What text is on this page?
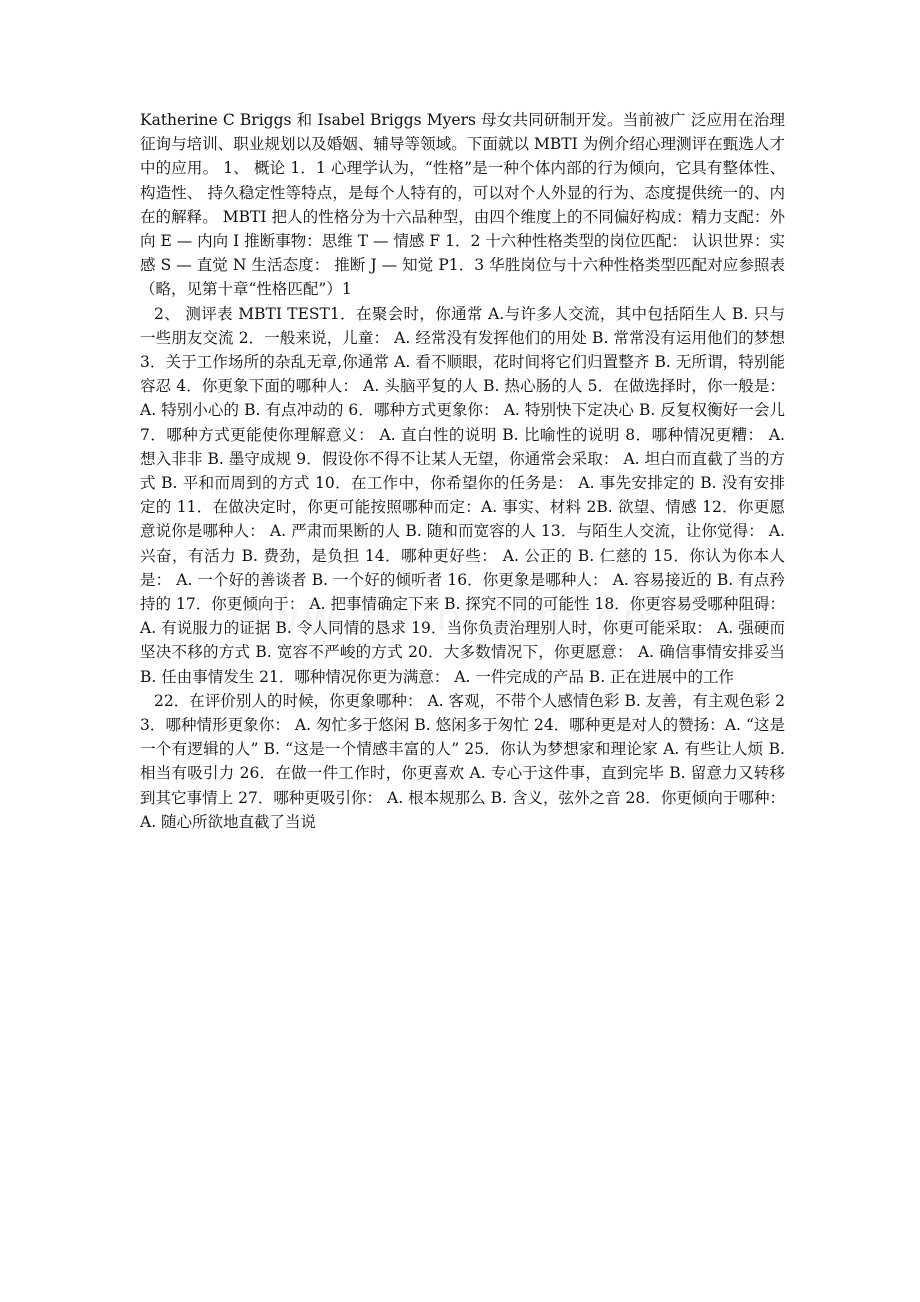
Katherine C Briggs 和 Isabel Briggs Myers 母女共同研制开发。当前被广 泛应用在治理征询与培训、职业规划以及婚姻、辅导等领域。下面就以 MBTI 为例介绍心理测评在甄选人才中的应用。 1、 概论 1．1 心理学认为，“性格”是一种个体内部的行为倾向，它具有整体性、构造性、 持久稳定性等特点，是每个人特有的，可以对个人外显的行为、态度提供统一的、内 在的解释。 MBTI 把人的性格分为十六品种型，由四个维度上的不同偏好构成：精力支配：外向 E — 内向 I 推断事物：思维 T — 情感 F 1．2 十六种性格类型的岗位匹配： 认识世界：实感 S — 直觉 N 生活态度： 推断 J — 知觉 P1．3 华胜岗位与十六种性格类型匹配对应参照表（略，见第十章“性格匹配”）1

2、 测评表 MBTI TEST1．在聚会时，你通常 A.与许多人交流，其中包括陌生人 B. 只与一些朋友交流 2．一般来说，儿童： A. 经常没有发挥他们的用处 B. 常常没有运用他们的梦想 3．关于工作场所的杂乱无章,你通常 A. 看不顺眼，花时间将它们归置整齐 B. 无所谓，特别能容忍 4．你更象下面的哪种人： A. 头脑平复的人 B. 热心肠的人 5．在做选择时，你一般是： A. 特别小心的 B. 有点冲动的 6．哪种方式更象你： A. 特别快下定决心 B. 反复权衡好一会儿 7．哪种方式更能使你理解意义： A. 直白性的说明 B. 比喻性的说明 8．哪种情况更糟： A. 想入非非 B. 墨守成规 9．假设你不得不让某人无望，你通常会采取： A. 坦白而直截了当的方式 B. 平和而周到的方式 10．在工作中，你希望你的任务是： A. 事先安排定的 B. 没有安排定的 11．在做决定时，你更可能按照哪种而定：A. 事实、材料 2B. 欲望、情感 12．你更愿意说你是哪种人： A. 严肃而果断的人 B. 随和而宽容的人 13．与陌生人交流，让你觉得： A. 兴奋，有活力 B. 费劲，是负担 14．哪种更好些： A. 公正的 B. 仁慈的 15．你认为你本人是： A. 一个好的善谈者 B. 一个好的倾听者 16．你更象是哪种人： A. 容易接近的 B. 有点矜持的 17．你更倾向于： A. 把事情确定下来 B. 探究不同的可能性 18．你更容易受哪种阻碍： A. 有说服力的证据 B. 令人同情的恳求 19．当你负责治理别人时，你更可能采取： A. 强硬而坚决不移的方式 B. 宽容不严峻的方式 20．大多数情况下，你更愿意： A. 确信事情安排妥当 B. 任由事情发生 21．哪种情况你更为满意： A. 一件完成的产品 B. 正在进展中的工作

22．在评价别人的时候，你更象哪种： A. 客观，不带个人感情色彩 B. 友善，有主观色彩 23．哪种情形更象你： A. 匆忙多于悠闲 B. 悠闲多于匆忙 24．哪种更是对人的赞扬：A. “这是一个有逻辑的人” B. “这是一个情感丰富的人” 25．你认为梦想家和理论家 A. 有些让人烦 B. 相当有吸引力 26．在做一件工作时，你更喜欢 A. 专心于这件事，直到完毕 B. 留意力又转移到其它事情上 27．哪种更吸引你： A. 根本规那么 B. 含义，弦外之音 28．你更倾向于哪种： A. 随心所欲地直截了当说
